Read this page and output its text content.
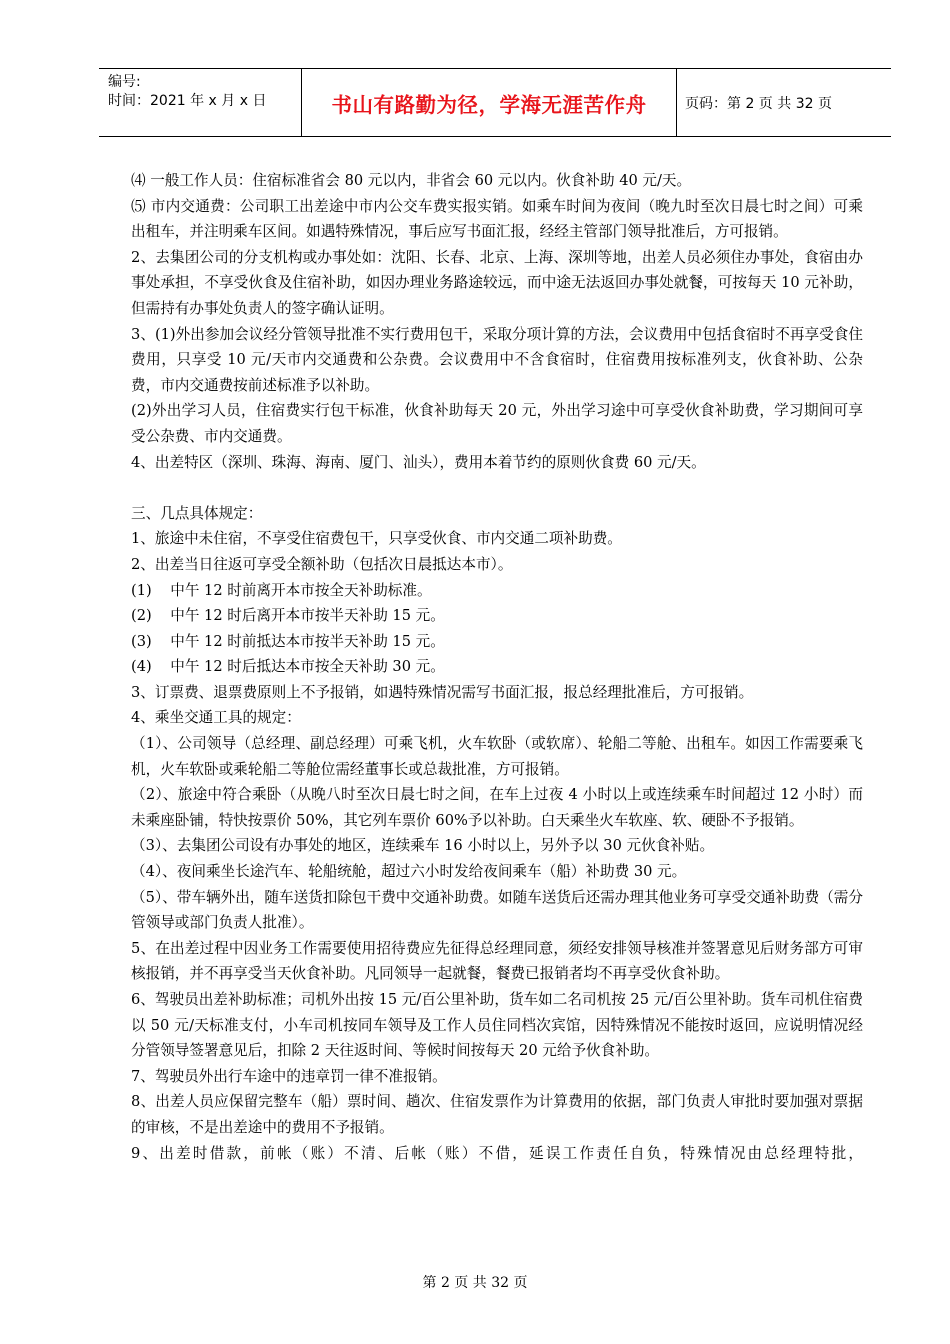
编号:
时间：2021 年 x 月 x 日	书山有路勤为径，学海无涯苦作舟	页码：第 2 页 共 32 页

⑷ 一般工作人员：住宿标准省会 80 元以内，非省会 60 元以内。伙食补助 40 元/天。

⑸ 市内交通费：公司职工出差途中市内公交车费实报实销。如乘车时间为夜间（晚九时至次日晨七时之间）可乘出租车，并注明乘车区间。如遇特殊情况，事后应写书面汇报，经经主管部门领导批准后，方可报销。

2、去集团公司的分支机构或办事处如：沈阳、长春、北京、上海、深圳等地，出差人员必须住办事处，食宿由办事处承担，不享受伙食及住宿补助，如因办理业务路途较远，而中途无法返回办事处就餐，可按每天 10 元补助，但需持有办事处负责人的签字确认证明。

3、(1)外出参加会议经分管领导批准不实行费用包干，采取分项计算的方法，会议费用中包括食宿时不再享受食住费用，只享受 10 元/天市内交通费和公杂费。会议费用中不含食宿时，住宿费用按标准列支，伙食补助、公杂费，市内交通费按前述标准予以补助。

(2)外出学习人员，住宿费实行包干标准，伙食补助每天 20 元，外出学习途中可享受伙食补助费，学习期间可享受公杂费、市内交通费。

4、出差特区（深圳、珠海、海南、厦门、汕头），费用本着节约的原则伙食费 60 元/天。

三、几点具体规定：

1、旅途中未住宿，不享受住宿费包干，只享受伙食、市内交通二项补助费。

2、出差当日往返可享受全额补助（包括次日晨抵达本市）。

(1)    中午 12 时前离开本市按全天补助标准。

(2)    中午 12 时后离开本市按半天补助 15 元。

(3)    中午 12 时前抵达本市按半天补助 15 元。

(4)    中午 12 时后抵达本市按全天补助 30 元。

3、订票费、退票费原则上不予报销，如遇特殊情况需写书面汇报，报总经理批准后，方可报销。

4、乘坐交通工具的规定：

（1）、公司领导（总经理、副总经理）可乘飞机，火车软卧（或软席）、轮船二等舱、出租车。如因工作需要乘飞机，火车软卧或乘轮船二等舱位需经董事长或总裁批准，方可报销。

（2）、旅途中符合乘卧（从晚八时至次日晨七时之间，在车上过夜 4 小时以上或连续乘车时间超过 12 小时）而未乘座卧铺，特快按票价 50%，其它列车票价 60%予以补助。白天乘坐火车软座、软、硬卧不予报销。

（3）、去集团公司设有办事处的地区，连续乘车 16 小时以上，另外予以 30 元伙食补贴。

（4）、夜间乘坐长途汽车、轮船统舱，超过六小时发给夜间乘车（船）补助费 30 元。

（5）、带车辆外出，随车送货扣除包干费中交通补助费。如随车送货后还需办理其他业务可享受交通补助费（需分管领导或部门负责人批准）。

5、在出差过程中因业务工作需要使用招待费应先征得总经理同意，须经安排领导核准并签署意见后财务部方可审核报销，并不再享受当天伙食补助。凡同领导一起就餐，餐费已报销者均不再享受伙食补助。

6、驾驶员出差补助标准；司机外出按 15 元/百公里补助，货车如二名司机按 25 元/百公里补助。货车司机住宿费以 50 元/天标准支付，小车司机按同车领导及工作人员住同档次宾馆，因特殊情况不能按时返回，应说明情况经分管领导签署意见后，扣除 2 天往返时间、等候时间按每天 20 元给予伙食补助。

7、驾驶员外出行车途中的违章罚一律不准报销。

8、出差人员应保留完整车（船）票时间、趟次、住宿发票作为计算费用的依据，部门负责人审批时要加强对票据的审核，不是出差途中的费用不予报销。

9、出差时借款，前帐（账）不清、后帐（账）不借，延误工作责任自负，特殊情况由总经理特批，

第 2 页 共 32 页
